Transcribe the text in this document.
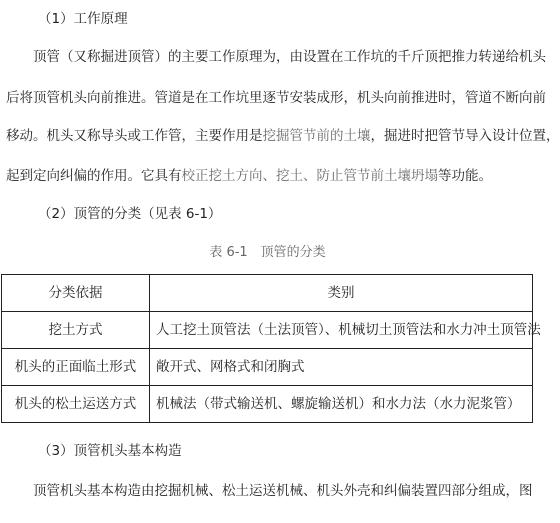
（1）工作原理
顶管（又称掘进顶管）的主要工作原理为，由设置在工作坑的千斤顶把推力转递给机头
后将顶管机头向前推进。管道是在工作坑里逐节安装成形，机头向前推进时，管道不断向前
移动。机头又称导头或工作管，主要作用是挖掘管节前的土壤，掘进时把管节导入设计位置，
起到定向纠偏的作用。它具有校正挖土方向、挖土、防止管节前土壤坍塌等功能。
（2）顶管的分类（见表 6-1）
表 6-1　顶管的分类
分类依据	类别
挖土方式	人工挖土顶管法（土法顶管）、机械切土顶管法和水力冲土顶管法
机头的正面临土形式	敞开式、网格式和闭胸式
机头的松土运送方式	机械法（带式输送机、螺旋输送机）和水力法（水力泥浆管）
（3）顶管机头基本构造
顶管机头基本构造由挖掘机械、松土运送机械、机头外壳和纠偏装置四部分组成，图
